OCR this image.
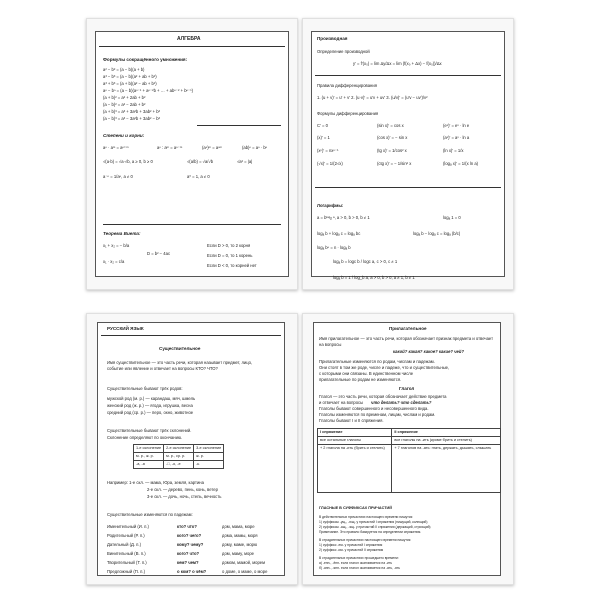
АЛГЕБРА
Формулы сокращённого умножения:
a² − b² = (a − b)(a + b)
a³ − b³ = (a − b)(a² + ab + b²)
a³ + b³ = (a + b)(a² − ab + b²)
aⁿ − bⁿ = (a − b)(aⁿ⁻¹ + aⁿ⁻²b + … + abⁿ⁻² + bⁿ⁻¹)
(a + b)² = a² + 2ab + b²
(a − b)² = a² − 2ab + b²
(a + b)³ = a³ + 3a²b + 3ab² + b³
(a − b)³ = a³ − 3a²b + 3ab² − b³
Степени и корни:
aⁿ · aᵐ = aⁿ⁺ᵐ	aⁿ : aᵐ = aⁿ⁻ᵐ	(aⁿ)ᵐ = aⁿᵐ	(ab)ⁿ = aⁿ · bⁿ
√(a·b) = √a·√b, a ≥ 0, b ≥ 0	√(a/b) = √a/√b	√a² = |a|
a⁻ⁿ = 1/aⁿ, a ≠ 0	a⁰ = 1, a ≠ 0
Теорема Виета:
x₁ + x₂ = − b/a
x₁ · x₂ = c/a
D = b² − 4ac
Если D > 0, то 2 корня
Если D = 0, то 1 корень
Если D < 0, то корней нет
Производная
Определение производной
y′ = f′(x₀) = lim Δy/Δx = lim (f(x₀ + Δx) − f(x₀))/Δx
Правила дифференцирования
1. (u + v)′ = u′ + v′ 2. (u·v)′ = u′v + uv′ 3. (u/v)′ = (u′v − uv′)/v²
Формулы дифференцирования
C′ = 0	(sin x)′ = cos x	(eˣ)′ = eˣ · ln e
(x)′ = 1	(cos x)′ = − sin x	(aˣ)′ = aˣ · ln a
(xⁿ)′ = nxⁿ⁻¹	(tg x)′ = 1/cos² x	(ln x)′ = 1/x
(√x)′ = 1/(2√x)	(ctg x)′ = − 1/sin² x	(logₐ x)′ = 1/(x ln a)
Логарифмы:
a = bˡᵒᵍᵦ ᵃ, a > 0, b > 0, b ≠ 1	logₐ 1 = 0
logₐ b + logₐ c = logₐ bc	logₐ b − logₐ c = logₐ (b/c)
logₐ bⁿ = n · logₐ b
logₐ b = logc b / logc a, c > 0, c ≠ 1
logₐ b = 1 / log_b a, a > 0, b > 0, a ≠ 1, b ≠ 1
РУССКИЙ ЯЗЫК
Существительное
Имя существительное — это часть речи, которая называет предмет, лицо, событие или явление и отвечает на вопросы КТО? ЧТО?
Существительные бывают трёх родов:
мужской род (м. р.) — карандаш, мяч, шмель
женский род (ж. р.) — ягода, игрушка, весна
средний род (ср. р.) — перо, окно, животное
Существительные бывают трёх склонений.
Склонение определяют по окончанию.
1-е склонение	2-е склонение	3-е склонение
м. р., ж. р.	м. р., ср. р.	ж. р.
-а, -я	-□, -о, -е	-ь
Например: 1-е скл. — мама, Юра, земля, картина
2-е скл. — дерево, пень, конь, ветер
3-е скл. — дочь, ночь, степь, вечность
Существительные изменяются по падежам:
Именительный (И. п.)	кто? что?	дом, мама, море
Родительный (Р. п.)	кого? чего?	дома, мамы, моря
Дательный (Д. п.)	кому? чему?	дому, маме, морю
Винительный (В. п.)	кого? что?	дом, маму, море
Творительный (Т. п.)	кем? чем?	домом, мамой, морем
Предложный (П. п.)	о ком? о чём?	о доме, о маме, о море
Прилагательное
Имя прилагательное — это часть речи, которая обозначает признак предмета и отвечает на вопросы
какой? какая? какое? какие? чей?
Прилагательные изменяются по родам, числам и падежам.
Они стоят в том же роде, числе и падеже, что и существительные,
с которыми они связаны. В единственном числе
прилагательные по родам не изменяются.
Глагол
Глагол — это часть речи, которая обозначает действие предмета
и отвечает на вопросы что делать? что сделать?
Глаголы бывают совершенного и несовершенного вида.
Глаголы изменяются по временам, лицам, числам и родам.
Глаголы бывают I и II спряжения.
I спряжение	II спряжение
все остальные глаголы	все глаголы на -ить (кроме брить и стелить)
+ 2 глагола на -ить (брить и стелить)	+ 7 глаголов на -ать: гнать, держать, дышать, слышать
ГЛАСНЫЕ В СУФФИКСАХ ПРИЧАСТИЙ
В действительных причастиях настоящего времени пишутся:
1) суффиксы -ущ-, -ющ- у причастий I спряжения (пишущий, колющий)
2) суффиксы -ащ-, -ящ- у причастий II спряжения (держащий, строящий)
Примечание. Это правило базируется на определении спряжения.
В страдательных причастиях настоящего времени пишутся:
1) суффикс -ем- у причастий I спряжения
2) суффикс -им- у причастий II спряжения
В страдательных причастиях прошедшего времени:
а) -енн-, -ённ- если глагол оканчивается на -ить
б) -анн-, -янн- если глагол оканчивается на -ать, -ять
